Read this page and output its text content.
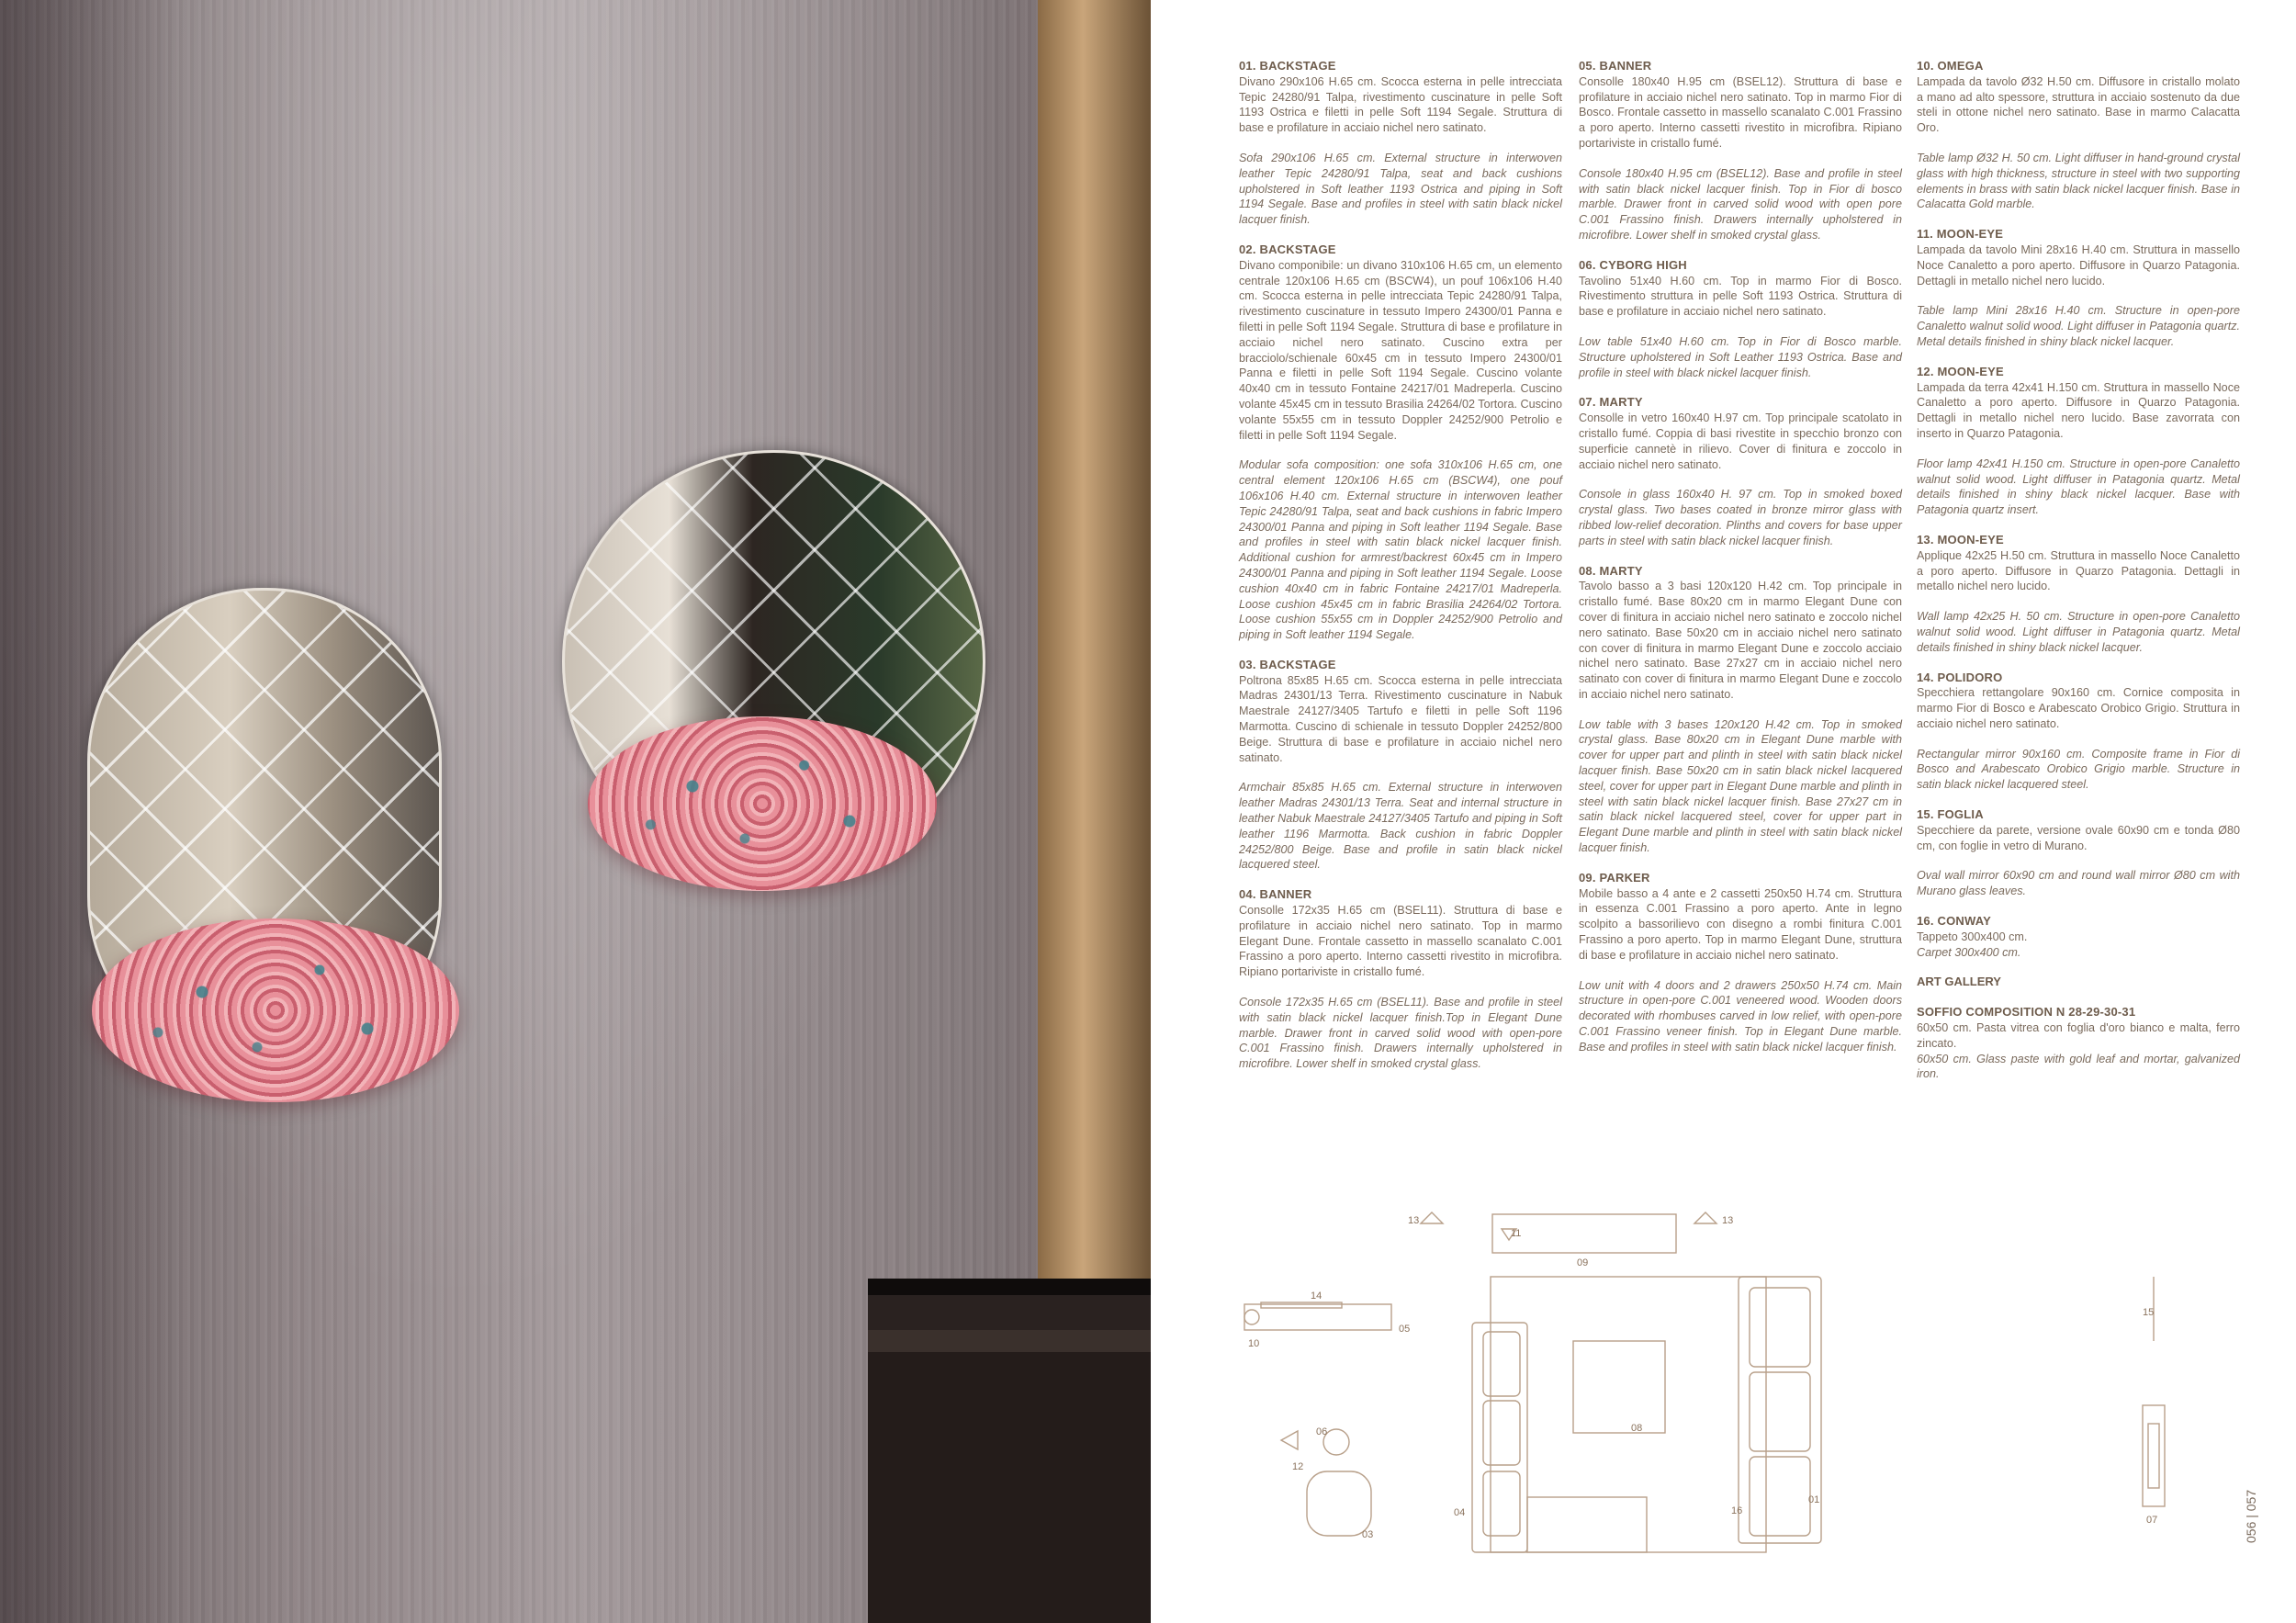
01. BACKSTAGE

Divano 290x106 H.65 cm. Scocca esterna in pelle intrecciata Tepic 24280/91 Talpa, rivestimento cuscinature in pelle Soft 1193 Ostrica e filetti in pelle Soft 1194 Segale. Struttura di base e profilature in acciaio nichel nero satinato.

Sofa 290x106 H.65 cm. External structure in interwoven leather Tepic 24280/91 Talpa, seat and back cushions upholstered in Soft leather 1193 Ostrica and piping in Soft 1194 Segale. Base and profiles in steel with satin black nickel lacquer finish.

02. BACKSTAGE

Divano componibile: un divano 310x106 H.65 cm, un elemento centrale 120x106 H.65 cm (BSCW4), un pouf 106x106 H.40 cm. Scocca esterna in pelle intrecciata Tepic 24280/91 Talpa, rivestimento cuscinature in tessuto Impero 24300/01 Panna e filetti in pelle Soft 1194 Segale. Struttura di base e profilature in acciaio nichel nero satinato. Cuscino extra per bracciolo/schienale 60x45 cm in tessuto Impero 24300/01 Panna e filetti in pelle Soft 1194 Segale. Cuscino volante 40x40 cm in tessuto Fontaine 24217/01 Madreperla. Cuscino volante 45x45 cm in tessuto Brasilia 24264/02 Tortora. Cuscino volante 55x55 cm in tessuto Doppler 24252/900 Petrolio e filetti in pelle Soft 1194 Segale.

Modular sofa composition: one sofa 310x106 H.65 cm, one central element 120x106 H.65 cm (BSCW4), one pouf 106x106 H.40 cm. External structure in interwoven leather Tepic 24280/91 Talpa, seat and back cushions in fabric Impero 24300/01 Panna and piping in Soft leather 1194 Segale. Base and profiles in steel with satin black nickel lacquer finish. Additional cushion for armrest/backrest 60x45 cm in Impero 24300/01 Panna and piping in Soft leather 1194 Segale. Loose cushion 40x40 cm in fabric Fontaine 24217/01 Madreperla. Loose cushion 45x45 cm in fabric Brasilia 24264/02 Tortora. Loose cushion 55x55 cm in Doppler 24252/900 Petrolio and piping in Soft leather 1194 Segale.

03. BACKSTAGE

Poltrona 85x85 H.65 cm. Scocca esterna in pelle intrecciata Madras 24301/13 Terra. Rivestimento cuscinature in Nabuk Maestrale 24127/3405 Tartufo e filetti in pelle Soft 1196 Marmotta. Cuscino di schienale in tessuto Doppler 24252/800 Beige. Struttura di base e profilature in acciaio nichel nero satinato.

Armchair 85x85 H.65 cm. External structure in interwoven leather Madras 24301/13 Terra. Seat and internal structure in leather Nabuk Maestrale 24127/3405 Tartufo and piping in Soft leather 1196 Marmotta. Back cushion in fabric Doppler 24252/800 Beige. Base and profile in satin black nickel lacquered steel.

04. BANNER

Consolle 172x35 H.65 cm (BSEL11). Struttura di base e profilature in acciaio nichel nero satinato. Top in marmo Elegant Dune. Frontale cassetto in massello scanalato C.001 Frassino a poro aperto. Interno cassetti rivestito in microfibra. Ripiano portariviste in cristallo fumé.

Console 172x35 H.65 cm (BSEL11). Base and profile in steel with satin black nickel lacquer finish.Top in Elegant Dune marble. Drawer front in carved solid wood with open-pore C.001 Frassino finish. Drawers internally upholstered in microfibre. Lower shelf in smoked crystal glass.

05. BANNER

Consolle 180x40 H.95 cm (BSEL12). Struttura di base e profilature in acciaio nichel nero satinato. Top in marmo Fior di Bosco. Frontale cassetto in massello scanalato C.001 Frassino a poro aperto. Interno cassetti rivestito in microfibra. Ripiano portariviste in cristallo fumé.

Console 180x40 H.95 cm (BSEL12). Base and profile in steel with satin black nickel lacquer finish. Top in Fior di bosco marble. Drawer front in carved solid wood with open pore C.001 Frassino finish. Drawers internally upholstered in microfibre. Lower shelf in smoked crystal glass.

06. CYBORG HIGH

Tavolino 51x40 H.60 cm. Top in marmo Fior di Bosco. Rivestimento struttura in pelle Soft 1193 Ostrica. Struttura di base e profilature in acciaio nichel nero satinato.

Low table 51x40 H.60 cm. Top in Fior di Bosco marble. Structure upholstered in Soft Leather 1193 Ostrica. Base and profile in steel with black nickel lacquer finish.

07. MARTY

Consolle in vetro 160x40 H.97 cm. Top principale scatolato in cristallo fumé. Coppia di basi rivestite in specchio bronzo con superficie cannetè in rilievo. Cover di finitura e zoccolo in acciaio nichel nero satinato.

Console in glass 160x40 H. 97 cm. Top in smoked boxed crystal glass. Two bases coated in bronze mirror glass with ribbed low-relief decoration. Plinths and covers for base upper parts in steel with satin black nickel lacquer finish.

08. MARTY

Tavolo basso a 3 basi 120x120 H.42 cm. Top principale in cristallo fumé. Base 80x20 cm in marmo Elegant Dune con cover di finitura in acciaio nichel nero satinato e zoccolo nichel nero satinato. Base 50x20 cm in acciaio nichel nero satinato con cover di finitura in marmo Elegant Dune e zoccolo acciaio nichel nero satinato. Base 27x27 cm in acciaio nichel nero satinato con cover di finitura in marmo Elegant Dune e zoccolo in acciaio nichel nero satinato.

Low table with 3 bases 120x120 H.42 cm. Top in smoked crystal glass. Base 80x20 cm in Elegant Dune marble with cover for upper part and plinth in steel with satin black nickel lacquer finish. Base 50x20 cm in satin black nickel lacquered steel, cover for upper part in Elegant Dune marble and plinth in steel with satin black nickel lacquer finish. Base 27x27 cm in satin black nickel lacquered steel, cover for upper part in Elegant Dune marble and plinth in steel with satin black nickel lacquer finish.

09. PARKER

Mobile basso a 4 ante e 2 cassetti 250x50 H.74 cm. Struttura in essenza C.001 Frassino a poro aperto. Ante in legno scolpito a bassorilievo con disegno a rombi finitura C.001 Frassino a poro aperto. Top in marmo Elegant Dune, struttura di base e profilature in acciaio nichel nero satinato.

Low unit with 4 doors and 2 drawers 250x50 H.74 cm. Main structure in open-pore C.001 veneered wood. Wooden doors decorated with rhombuses carved in low relief, with open-pore C.001 Frassino veneer finish. Top in Elegant Dune marble. Base and profiles in steel with satin black nickel lacquer finish.

10. OMEGA

Lampada da tavolo Ø32 H.50 cm. Diffusore in cristallo molato a mano ad alto spessore, struttura in acciaio sostenuto da due steli in ottone nichel nero satinato. Base in marmo Calacatta Oro.

Table lamp Ø32 H. 50 cm. Light diffuser in hand-ground crystal glass with high thickness, structure in steel with two supporting elements in brass with satin black nickel lacquer finish. Base in Calacatta Gold marble.

11. MOON-EYE

Lampada da tavolo Mini 28x16 H.40 cm. Struttura in massello Noce Canaletto a poro aperto. Diffusore in Quarzo Patagonia. Dettagli in metallo nichel nero lucido.

Table lamp Mini 28x16 H.40 cm. Structure in open-pore Canaletto walnut solid wood. Light diffuser in Patagonia quartz. Metal details finished in shiny black nickel lacquer.

12. MOON-EYE

Lampada da terra 42x41 H.150 cm. Struttura in massello Noce Canaletto a poro aperto. Diffusore in Quarzo Patagonia. Dettagli in metallo nichel nero lucido. Base zavorrata con inserto in Quarzo Patagonia.

Floor lamp 42x41 H.150 cm. Structure in open-pore Canaletto walnut solid wood. Light diffuser in Patagonia quartz. Metal details finished in shiny black nickel lacquer. Base with Patagonia quartz insert.

13. MOON-EYE

Applique 42x25 H.50 cm. Struttura in massello Noce Canaletto a poro aperto. Diffusore in Quarzo Patagonia. Dettagli in metallo nichel nero lucido.

Wall lamp 42x25 H. 50 cm. Structure in open-pore Canaletto walnut solid wood. Light diffuser in Patagonia quartz. Metal details finished in shiny black nickel lacquer.

14. POLIDORO

Specchiera rettangolare 90x160 cm. Cornice composita in marmo Fior di Bosco e Arabescato Orobico Grigio. Struttura in acciaio nichel nero satinato.

Rectangular mirror 90x160 cm. Composite frame in Fior di Bosco and Arabescato Orobico Grigio marble. Structure in satin black nickel lacquered steel.

15. FOGLIA

Specchiere da parete, versione ovale 60x90 cm e tonda Ø80 cm, con foglie in vetro di Murano.

Oval wall mirror 60x90 cm and round wall mirror Ø80 cm with Murano glass leaves.

16. CONWAY

Tappeto 300x400 cm.

Carpet 300x400 cm.

ART GALLERY
SOFFIO COMPOSITION N 28-29-30-31

60x50 cm. Pasta vitrea con foglia d'oro bianco e malta, ferro zincato.

60x50 cm. Glass paste with gold leaf and mortar, galvanized iron.

13
11
09
13
14
10
05
15
08
06
12
03
04	16
01
07	056 | 057
